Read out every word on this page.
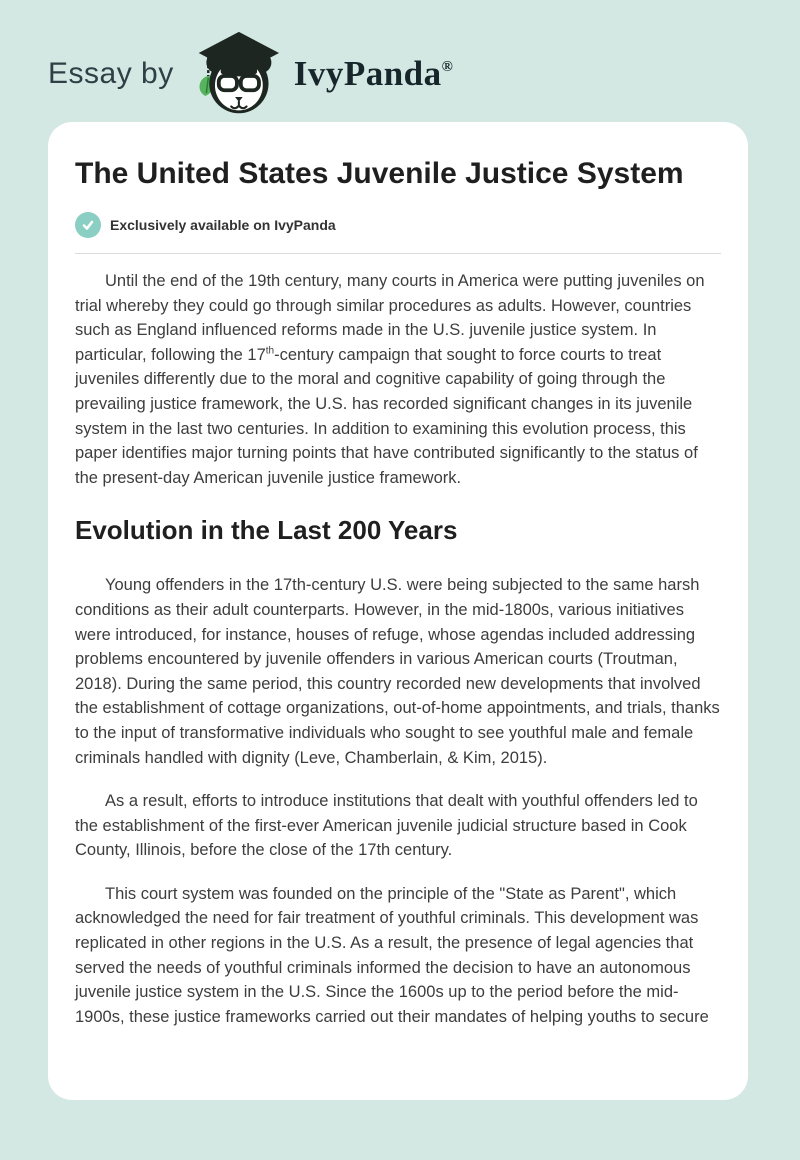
Essay by	IvyPanda®
The United States Juvenile Justice System
Exclusively available on IvyPanda

Until the end of the 19th century, many courts in America were putting juveniles on trial whereby they could go through similar procedures as adults. However, countries such as England influenced reforms made in the U.S. juvenile justice system. In particular, following the 17th-century campaign that sought to force courts to treat juveniles differently due to the moral and cognitive capability of going through the prevailing justice framework, the U.S. has recorded significant changes in its juvenile system in the last two centuries. In addition to examining this evolution process, this paper identifies major turning points that have contributed significantly to the status of the present-day American juvenile justice framework.

Evolution in the Last 200 Years

Young offenders in the 17th-century U.S. were being subjected to the same harsh conditions as their adult counterparts. However, in the mid-1800s, various initiatives were introduced, for instance, houses of refuge, whose agendas included addressing problems encountered by juvenile offenders in various American courts (Troutman, 2018). During the same period, this country recorded new developments that involved the establishment of cottage organizations, out-of-home appointments, and trials, thanks to the input of transformative individuals who sought to see youthful male and female criminals handled with dignity (Leve, Chamberlain, & Kim, 2015).

As a result, efforts to introduce institutions that dealt with youthful offenders led to the establishment of the first-ever American juvenile judicial structure based in Cook County, Illinois, before the close of the 17th century.

This court system was founded on the principle of the "State as Parent", which acknowledged the need for fair treatment of youthful criminals. This development was replicated in other regions in the U.S. As a result, the presence of legal agencies that served the needs of youthful criminals informed the decision to have an autonomous juvenile justice system in the U.S. Since the 1600s up to the period before the mid-1900s, these justice frameworks carried out their mandates of helping youths to secure
